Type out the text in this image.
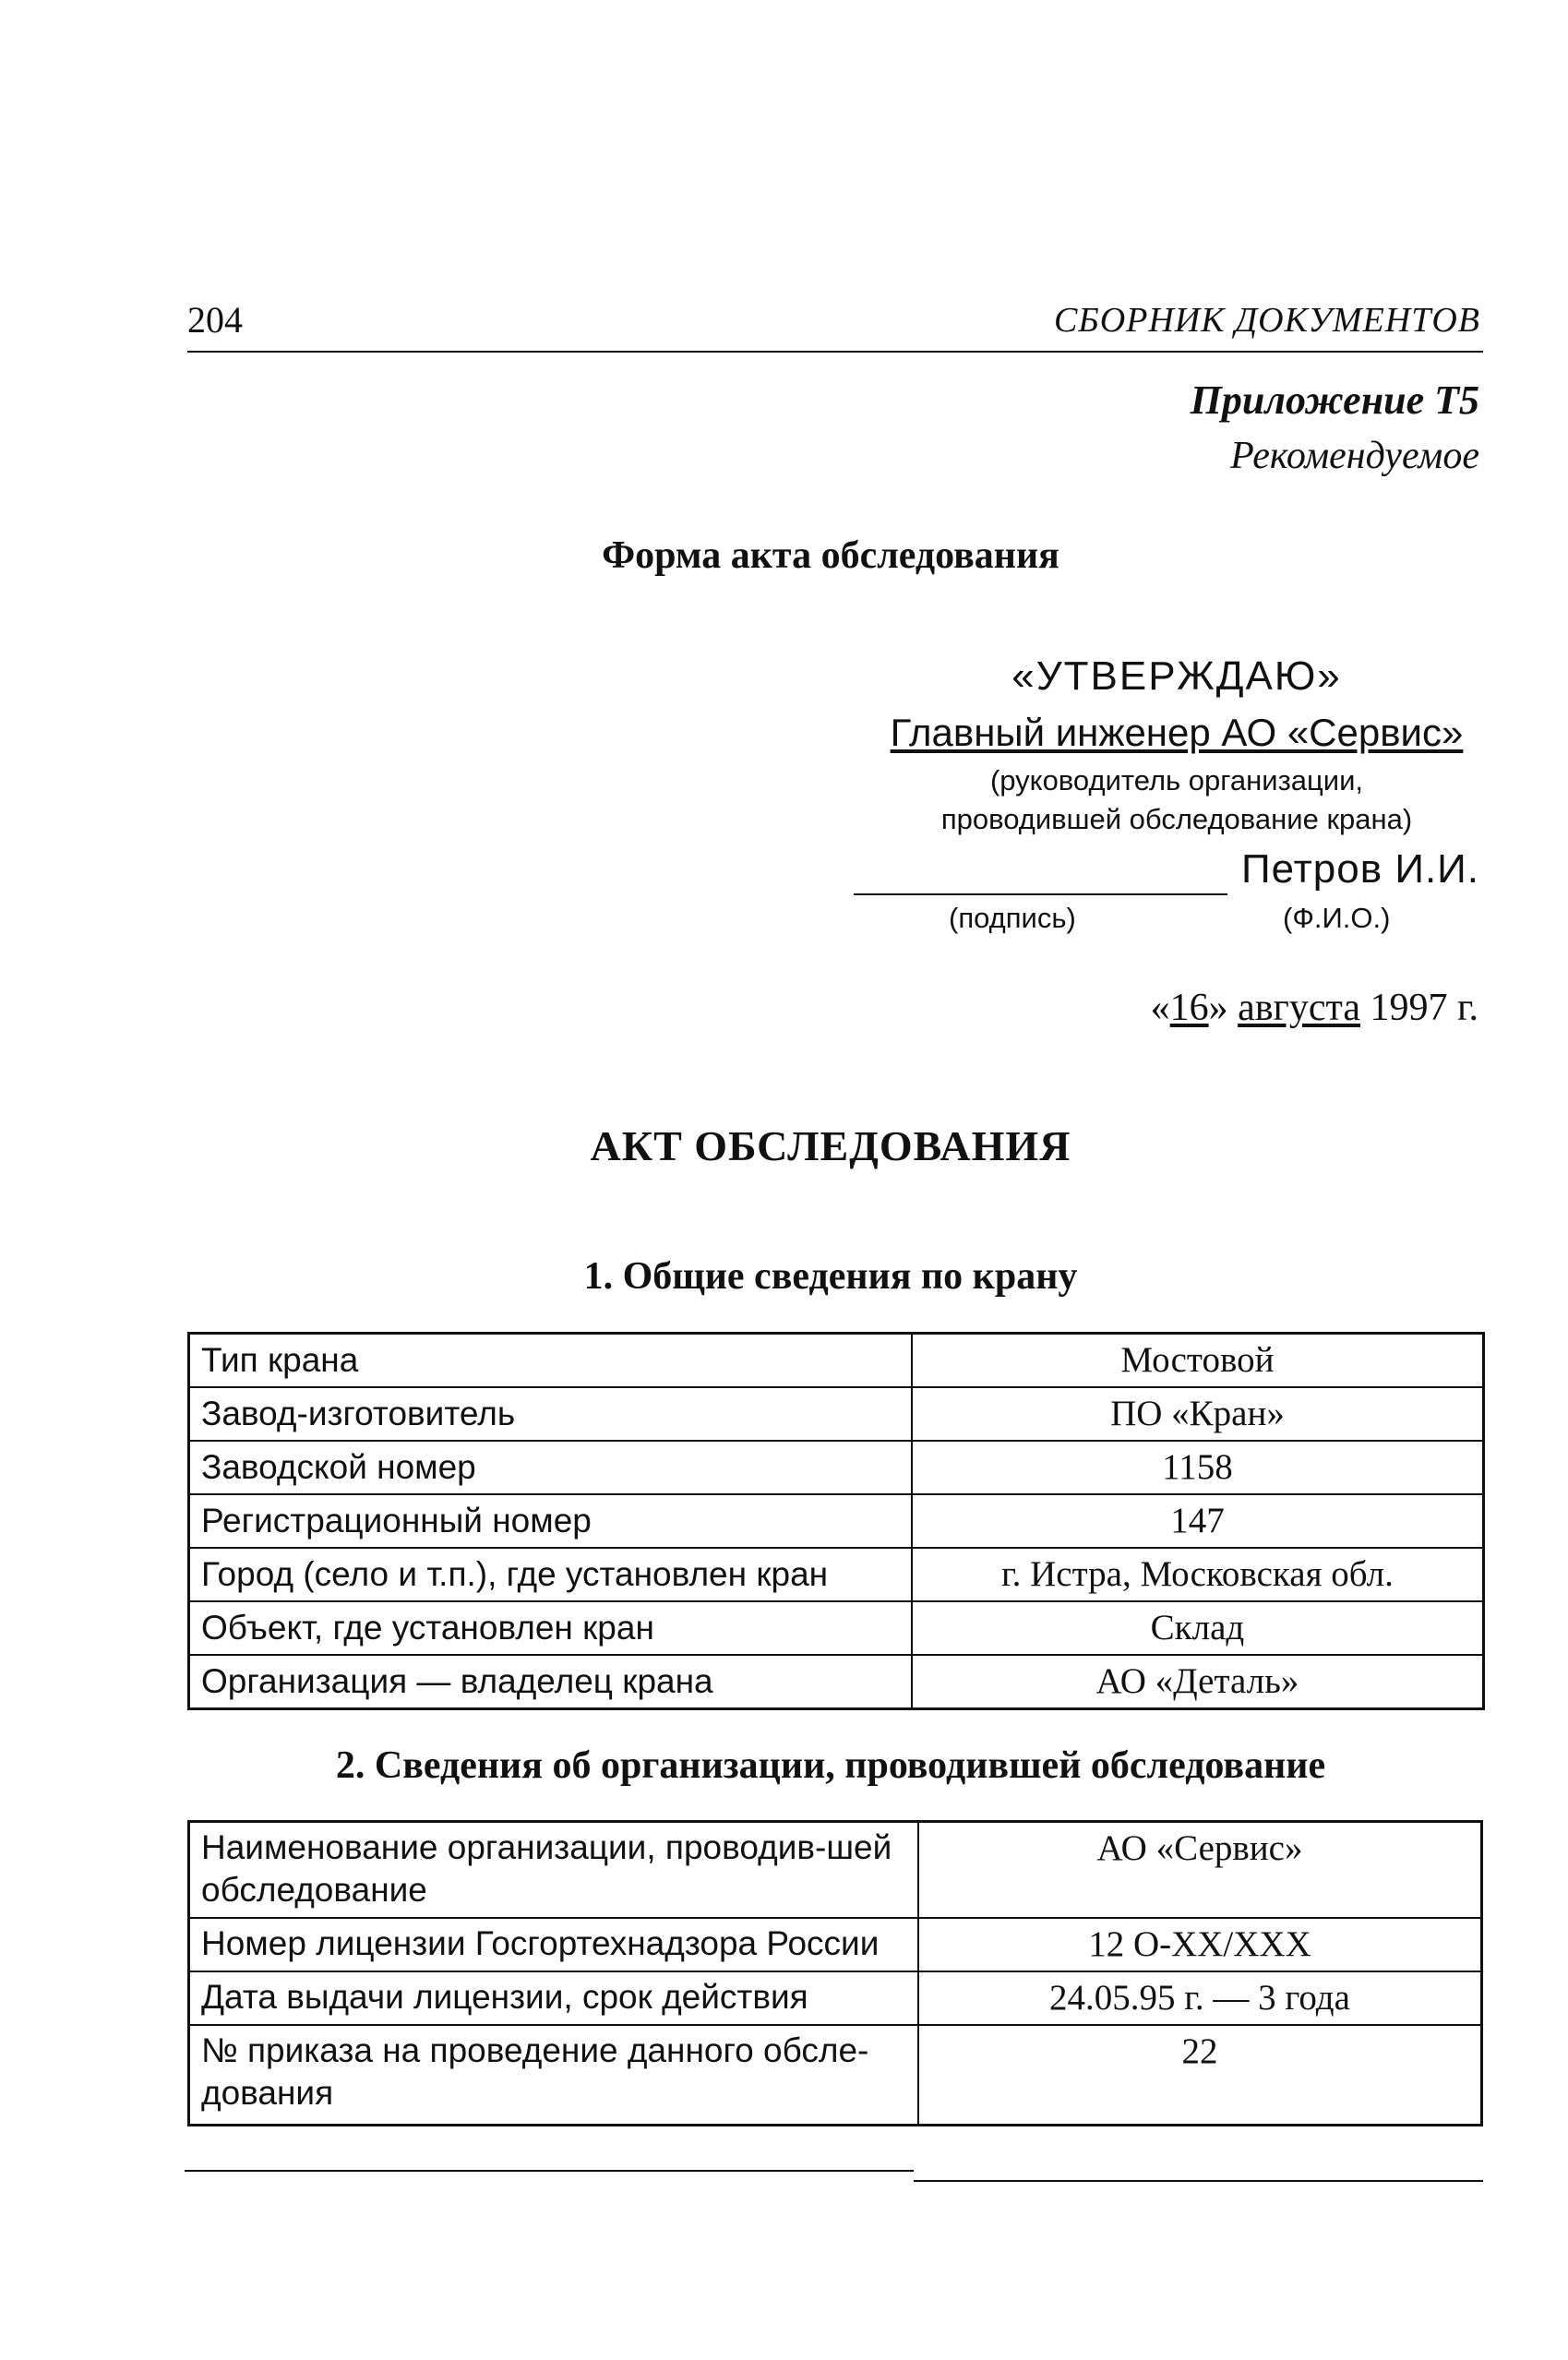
204	СБОРНИК ДОКУМЕНТОВ
Приложение Т5
Рекомендуемое
Форма акта обследования
«УТВЕРЖДАЮ»
Главный инженер АО «Сервис»
(руководитель организации,
проводившей обследование крана)
Петров И.И.
(подпись)	(Ф.И.О.)
«16» августа 1997 г.
АКТ ОБСЛЕДОВАНИЯ
1. Общие сведения по крану
Тип крана	Мостовой
Завод-изготовитель	ПО «Кран»
Заводской номер	1158
Регистрационный номер	147
Город (село и т.п.), где установлен кран	г. Истра, Московская обл.
Объект, где установлен кран	Склад
Организация — владелец крана	АО «Деталь»
2. Сведения об организации, проводившей обследование
Наименование организации, проводив-шей обследование	АО «Сервис»
Номер лицензии Госгортехнадзора России	12 О-ХХ/ХХХ
Дата выдачи лицензии, срок действия	24.05.95 г. — 3 года
№ приказа на проведение данного обсле-дования	22
